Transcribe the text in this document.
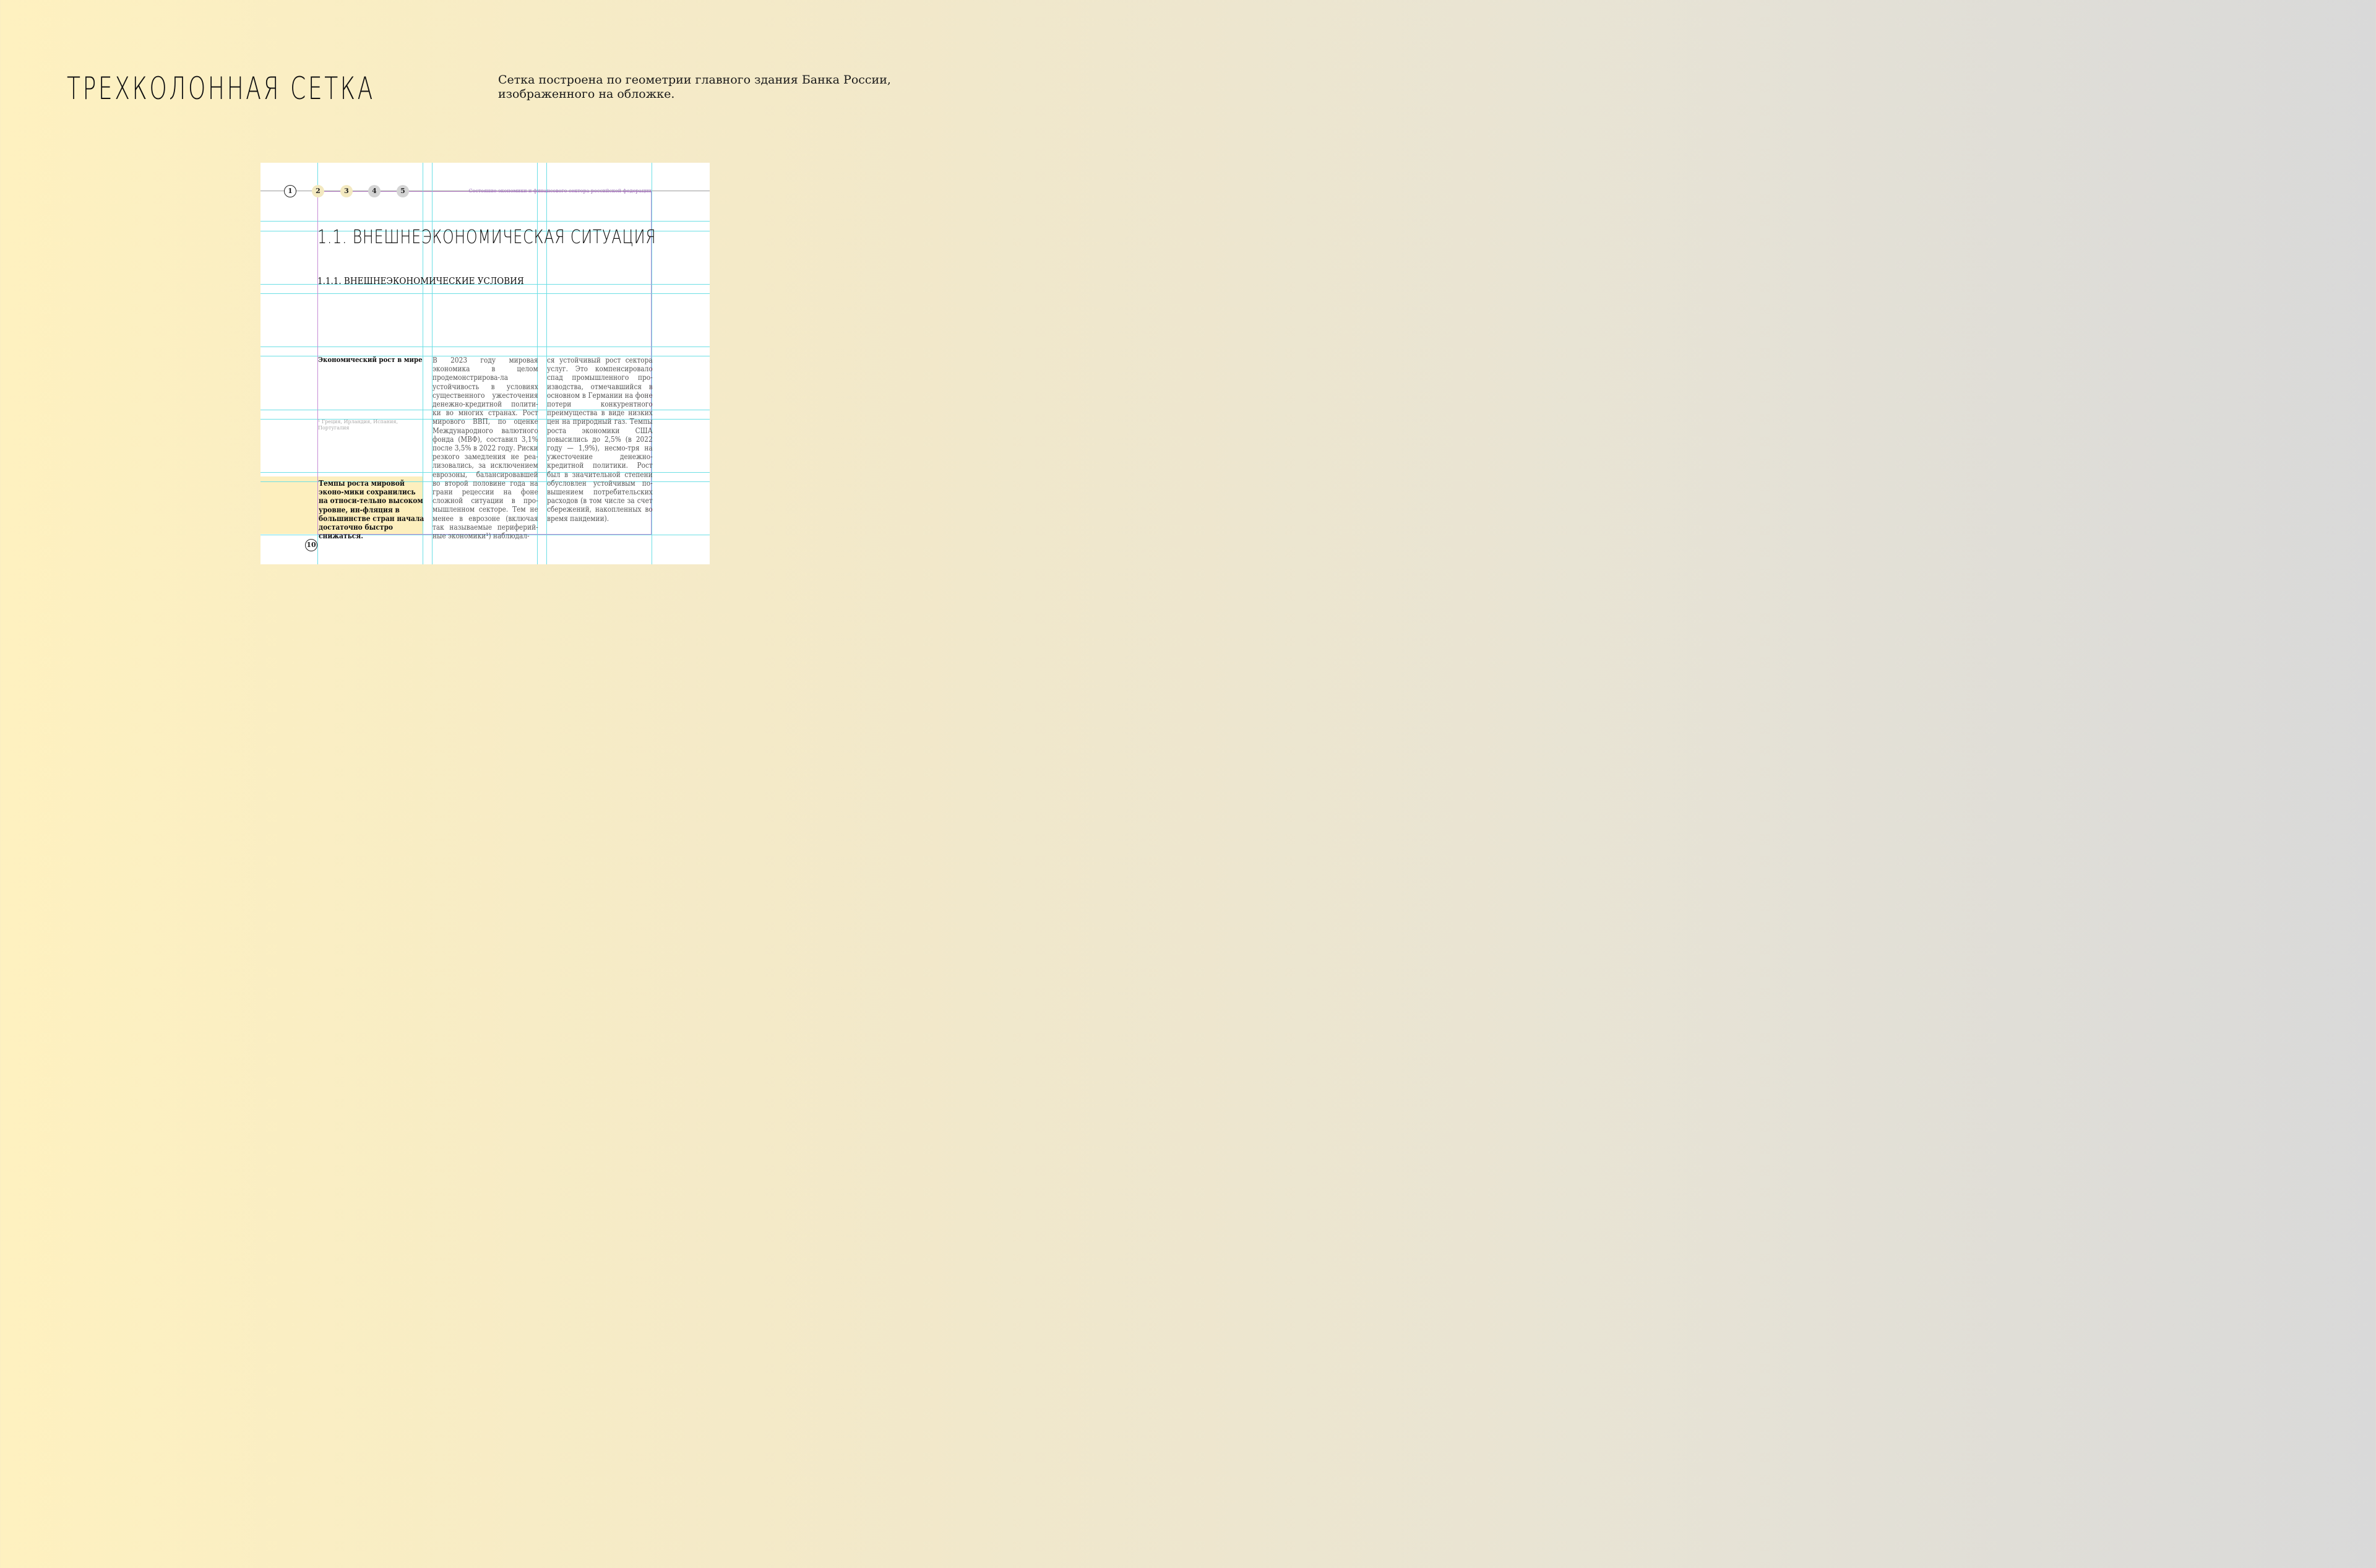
ТРЕХКОЛОННАЯ СЕТКА	Сетка построена по геометрии главного здания Банка России, изображенного на обложке.

1	2	3	4	5
10
Состояние экономики и финансового сектора российской федерации
1.1. ВНЕШНЕЭКОНОМИЧЕСКАЯ СИТУАЦИЯ
1.1.1. ВНЕШНЕЭКОНОМИЧЕСКИЕ УСЛОВИЯ
Экономический рост в мире
¹ Греция, Ирландия, Испания, Португалия
Темпы роста мировой эконо-мики сохранились на относи-тельно высоком уровне, ин-фляция в большинстве стран начала достаточно быстро снижаться.

В 2023 году мировая экономика в целом продемонстрирова-ла устойчивость в условиях существенного ужесточения денежно-кредитной полити-ки во многих странах. Рост мирового ВВП, по оценке Международного валютного фонда (МВФ), составил 3,1% после 3,5% в 2022 году. Риски резкого замедления не реа-лизовались, за исключением еврозоны, балансировавшей во второй половине года на грани рецессии на фоне сложной ситуации в про-мышленном секторе. Тем не менее в еврозоне (включая так называемые периферий-ные экономики¹) наблюдал-

ся устойчивый рост сектора услуг. Это компенсировало спад промышленного про-изводства, отмечавшийся в основном в Германии на фоне потери конкурентного преимущества в виде низких цен на природный газ. Темпы роста экономики США повысились до 2,5% (в 2022 году — 1,9%), несмо-тря на ужесточение денежно-кредитной политики. Рост был в значительной степени обусловлен устойчивым по-вышением потребительских расходов (в том числе за счет сбережений, накопленных во время пандемии).
